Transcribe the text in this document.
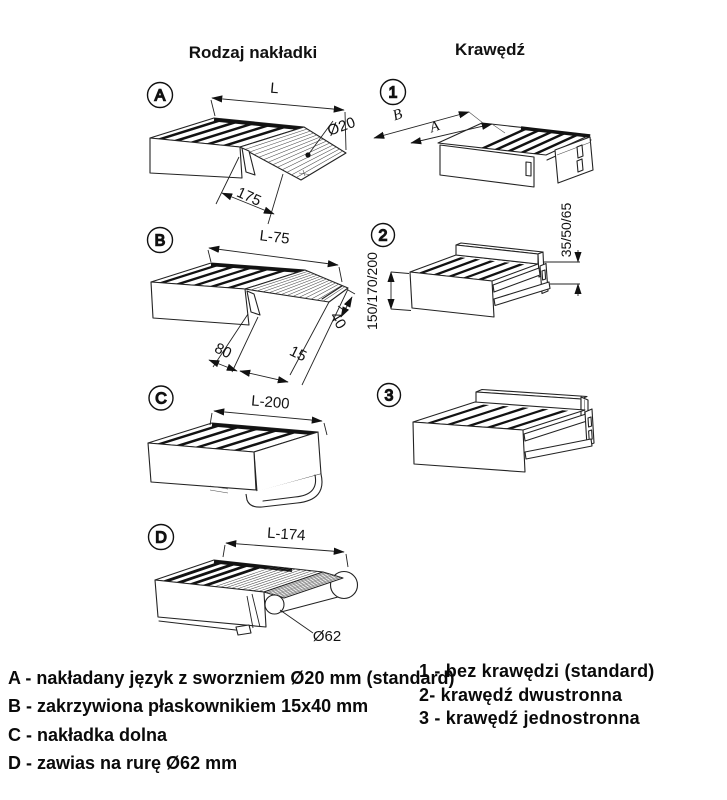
Rodzaj nakładki	Krawędź
A	L
Ø20
175
1
B
A
B	L-75
80	15
40
2
150/170/200
35/50/65
C	L-200	3
D	L-174
Ø62
A - nakładany język z sworzniem Ø20 mm (standard)
B - zakrzywiona płaskownikiem 15x40 mm
C - nakładka dolna
D - zawias na rurę Ø62 mm
1 - bez krawędzi (standard)
2- krawędź dwustronna
3 - krawędź jednostronna
